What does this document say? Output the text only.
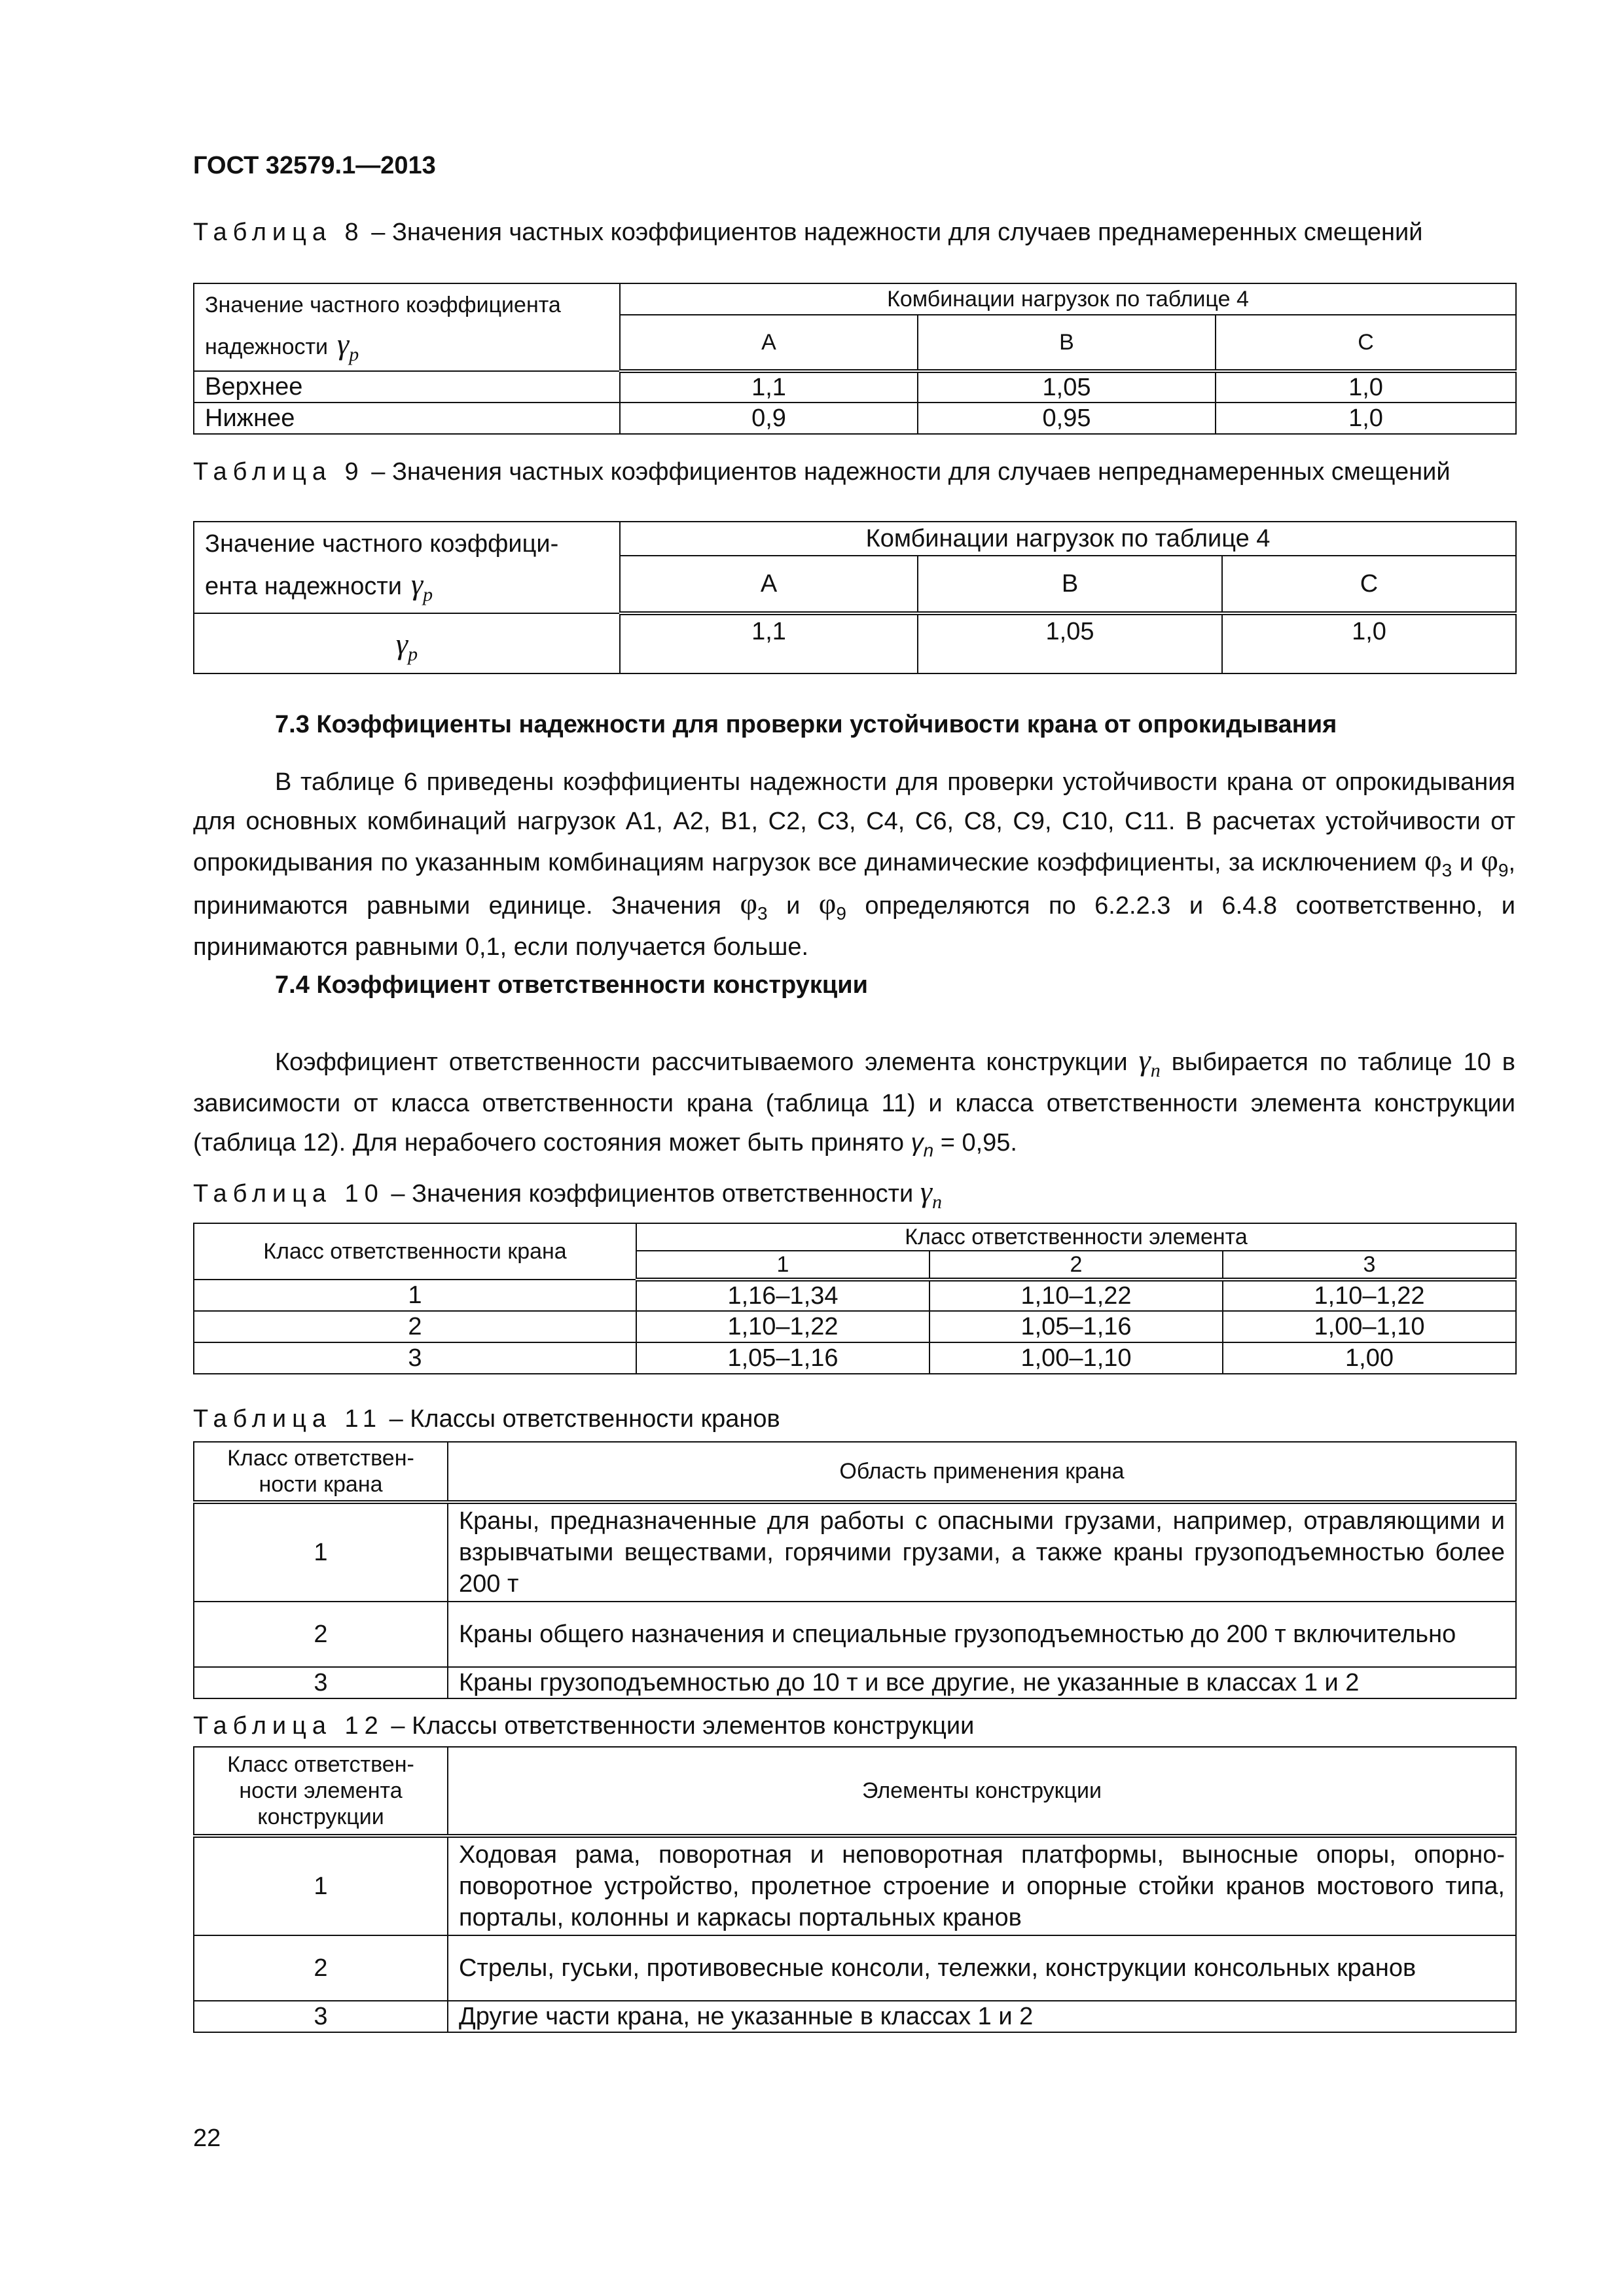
ГОСТ 32579.1—2013
Таблица 8 – Значения частных коэффициентов надежности для случаев преднамеренных смещений
Значение частного коэффициента надежности γp	Комбинации нагрузок по таблице 4		
	A	B	C
Верхнее	1,1	1,05	1,0
Нижнее	0,9	0,95	1,0
Таблица 9 – Значения частных коэффициентов надежности для случаев непреднамеренных смещений
Значение частного коэффици-ента надежности $\gamma_p$	Комбинации нагрузок по таблице 4		
	A	B	C
$\gamma_p$	1,1	1,05	1,0
7.3 Коэффициенты надежности для проверки устойчивости крана от опрокидывания
В таблице 6 приведены коэффициенты надежности для проверки устойчивости крана от опрокидывания для основных комбинаций нагрузок А1, А2, В1, С2, С3, С4, С6, С8, С9, С10, С11. В расчетах устойчивости от опрокидывания по указанным комбинациям нагрузок все динамические коэффициенты, за исключением $\varphi_3$ и $\varphi_9$, принимаются равными единице. Значения $\varphi_3$ и $\varphi_9$ определяются по 6.2.2.3 и 6.4.8 соответственно, и принимаются равными 0,1, если получается больше.
7.4 Коэффициент ответственности конструкции
Коэффициент ответственности рассчитываемого элемента конструкции $\gamma_n$ выбирается по таблице 10 в зависимости от класса ответственности крана (таблица 11) и класса ответственности элемента конструкции (таблица 12). Для нерабочего состояния может быть принято $\gamma_n = 0,95$.
Таблица 10 – Значения коэффициентов ответственности $\gamma_n$
Класс ответственности крана	Класс ответственности элемента		
	1	2	3
1	1,16–1,34	1,10–1,22	1,10–1,22
2	1,10–1,22	1,05–1,16	1,00–1,10
3	1,05–1,16	1,00–1,10	1,00
Таблица 11 – Классы ответственности кранов
Класс ответствен-ности крана	Область применения крана
1	Краны, предназначенные для работы с опасными грузами, например, отравляющими и взрывчатыми веществами, горячими грузами, а также краны грузоподъемностью более 200 т
2	Краны общего назначения и специальные грузоподъемностью до 200 т включительно
3	Краны грузоподъемностью до 10 т и все другие, не указанные в классах 1 и 2
Таблица 12 – Классы ответственности элементов конструкции
Класс ответствен-ности элемента конструкции	Элементы конструкции
1	Ходовая рама, поворотная и неповоротная платформы, выносные опоры, опорно-поворотное устройство, пролетное строение и опорные стойки кранов мостового типа, порталы, колонны и каркасы портальных кранов
2	Стрелы, гуськи, противовесные консоли, тележки, конструкции консольных кранов
3	Другие части крана, не указанные в классах 1 и 2
22
